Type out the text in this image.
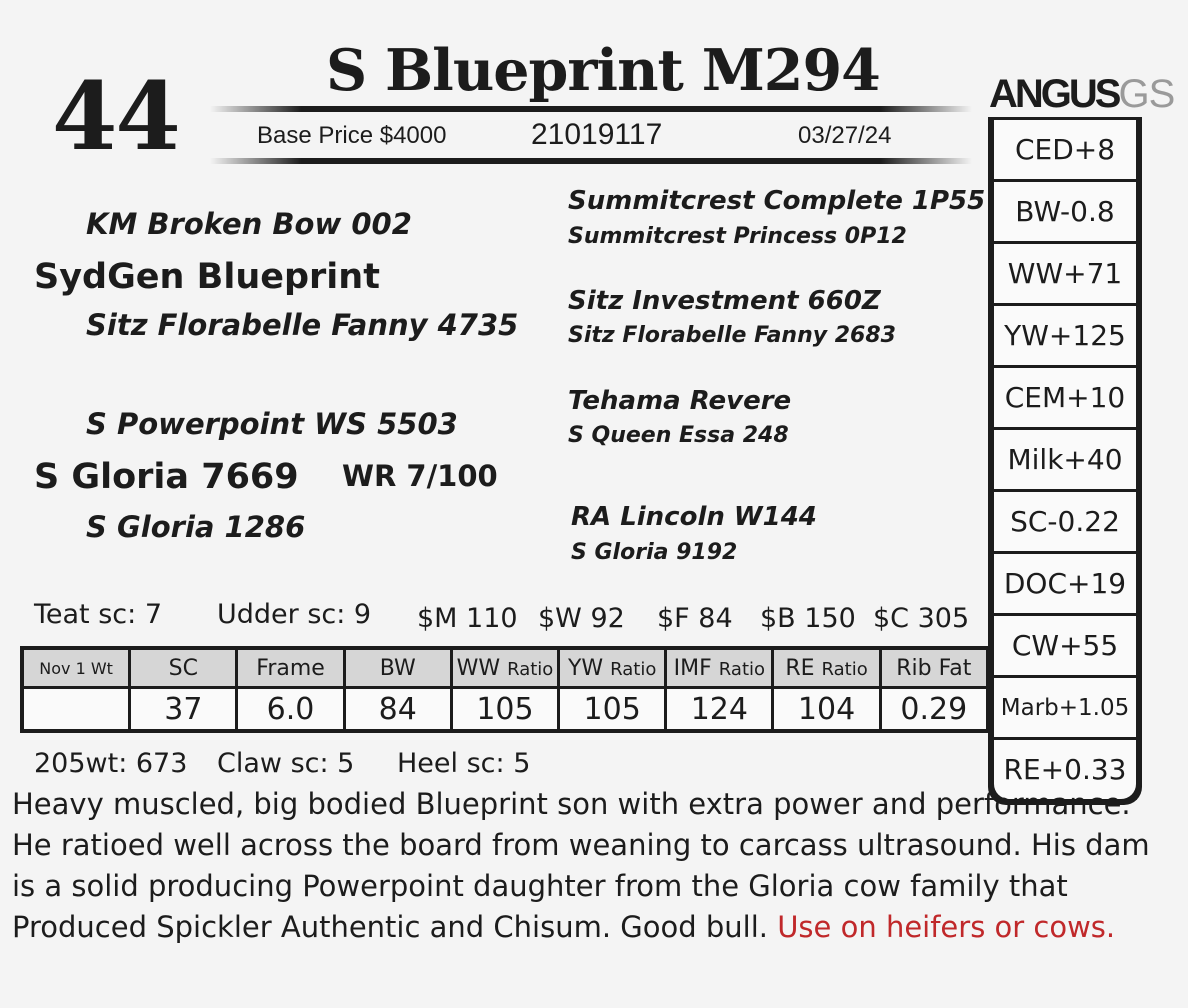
44	S Blueprint M294
Base Price $4000	21019117	03/27/24
ANGUSGS
KM Broken Bow 002
SydGen Blueprint
Sitz Florabelle Fanny 4735
S Powerpoint WS 5503
S Gloria 7669 WR 7/100
S Gloria 1286
Summitcrest Complete 1P55
Summitcrest Princess 0P12
Sitz Investment 660Z
Sitz Florabelle Fanny 2683
Tehama Revere
S Queen Essa 248
RA Lincoln W144
S Gloria 9192
CED+8
BW-0.8
WW+71
YW+125
CEM+10
Milk+40
SC-0.22
DOC+19
CW+55
Marb+1.05
RE+0.33
Teat sc: 7 Udder sc: 9 $M 110 $W 92 $F 84 $B 150 $C 305
Nov 1 Wt	SC	Frame	BW	WW Ratio	YW Ratio	IMF Ratio	RE Ratio	Rib Fat
	37	6.0	84	105	105	124	104	0.29
205wt: 673 Claw sc: 5 Heel sc: 5
Heavy muscled, big bodied Blueprint son with extra power and performance. He ratioed well across the board from weaning to carcass ultrasound. His dam is a solid producing Powerpoint daughter from the Gloria cow family that Produced Spickler Authentic and Chisum. Good bull. Use on heifers or cows.
